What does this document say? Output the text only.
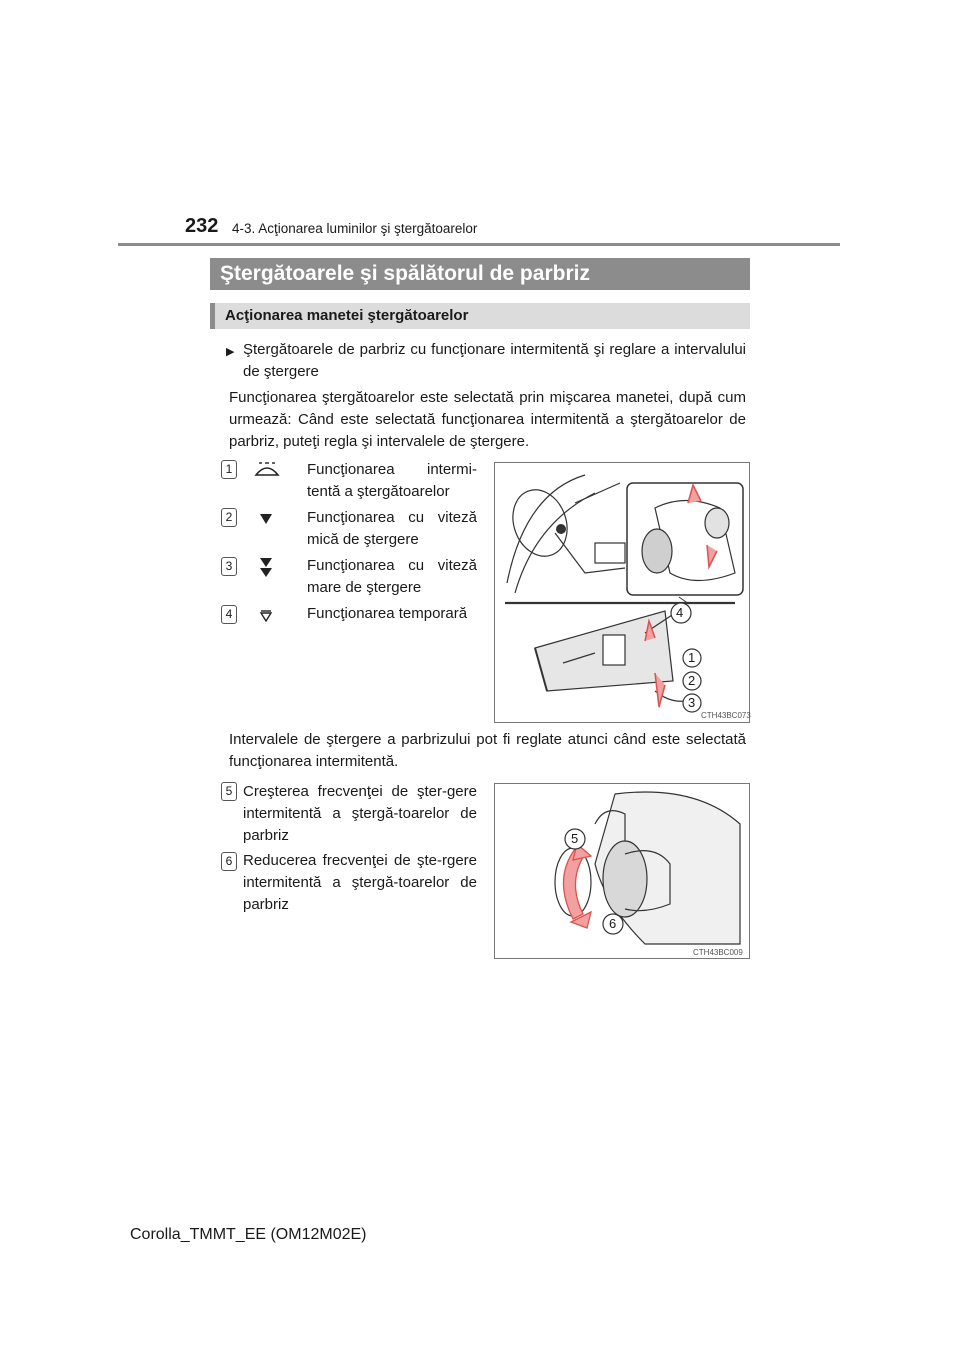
232 4-3. Acţionarea luminilor şi ştergătoarelor
Ştergătoarele şi spălătorul de parbriz
Acţionarea manetei ştergătoarelor
▶ Ştergătoarele de parbriz cu funcţionare intermitentă şi reglare a intervalului de ştergere
Funcţionarea ştergătoarelor este selectată prin mişcarea manetei, după cum urmează: Când este selectată funcţionarea intermitentă a ştergătoarelor de parbriz, puteţi regla şi intervalele de ştergere.
1	Funcţionarea intermi-tentă a ştergătoarelor
2	Funcţionarea cu viteză mică de ştergere
3	Funcţionarea cu viteză mare de ştergere
4	Funcţionarea temporară	4
1
2
3
CTH43BC073
Intervalele de ştergere a parbrizului pot fi reglate atunci când este selectată funcţionarea intermitentă.
5 Creşterea frecvenţei de şter-gere intermitentă a ştergă-toarelor de parbriz
6 Reducerea frecvenţei de şte-rgere intermitentă a ştergă-toarelor de parbriz
5
6
CTH43BC009
Corolla_TMMT_EE (OM12M02E)
